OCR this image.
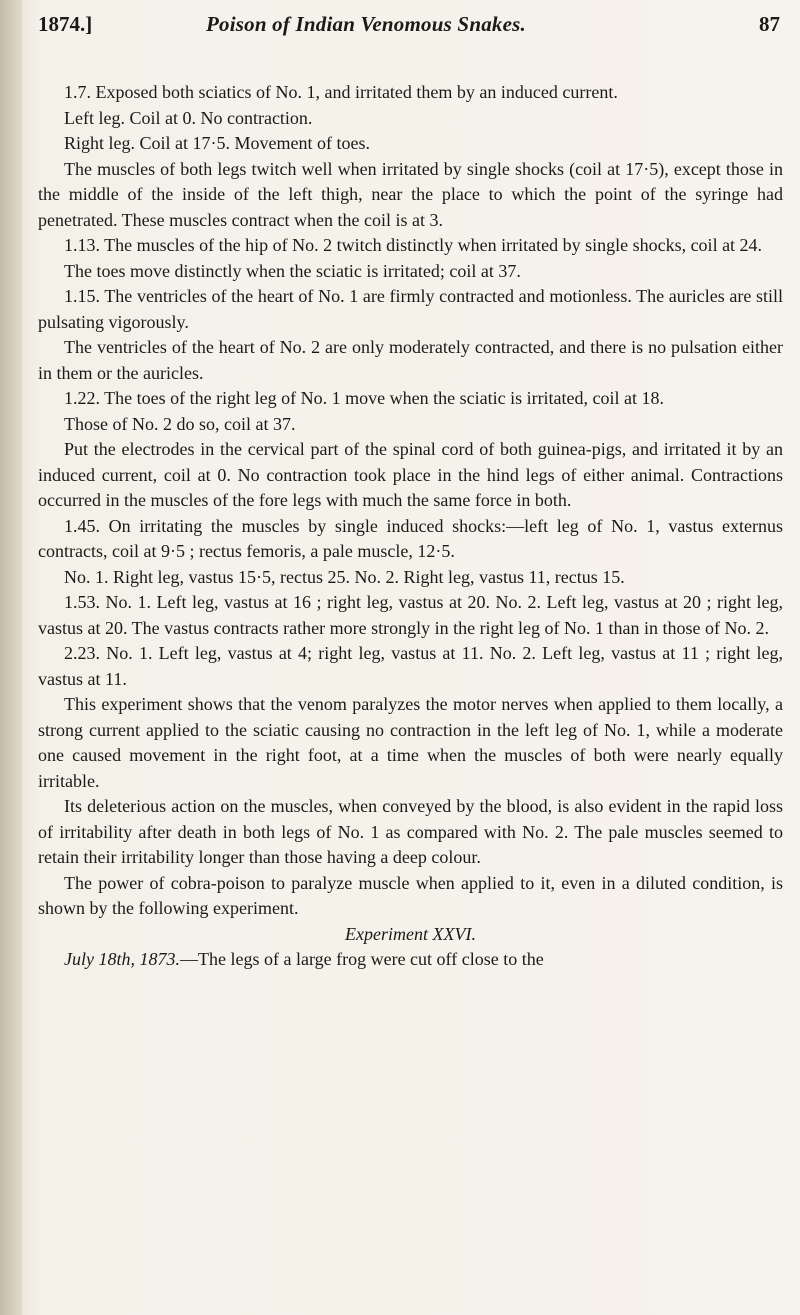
1874.]	Poison of Indian Venomous Snakes.	87

1.7. Exposed both sciatics of No. 1, and irritated them by an induced current.

Left leg. Coil at 0. No contraction.

Right leg. Coil at 17·5. Movement of toes.

The muscles of both legs twitch well when irritated by single shocks (coil at 17·5), except those in the middle of the inside of the left thigh, near the place to which the point of the syringe had penetrated. These muscles contract when the coil is at 3.

1.13. The muscles of the hip of No. 2 twitch distinctly when irritated by single shocks, coil at 24.

The toes move distinctly when the sciatic is irritated; coil at 37.

1.15. The ventricles of the heart of No. 1 are firmly contracted and motionless. The auricles are still pulsating vigorously.

The ventricles of the heart of No. 2 are only moderately contracted, and there is no pulsation either in them or the auricles.

1.22. The toes of the right leg of No. 1 move when the sciatic is irritated, coil at 18.

Those of No. 2 do so, coil at 37.

Put the electrodes in the cervical part of the spinal cord of both guinea-pigs, and irritated it by an induced current, coil at 0. No contraction took place in the hind legs of either animal. Contractions occurred in the muscles of the fore legs with much the same force in both.

1.45. On irritating the muscles by single induced shocks:—left leg of No. 1, vastus externus contracts, coil at 9·5 ; rectus femoris, a pale muscle, 12·5.

No. 1. Right leg, vastus 15·5, rectus 25. No. 2. Right leg, vastus 11, rectus 15.

1.53. No. 1. Left leg, vastus at 16 ; right leg, vastus at 20. No. 2. Left leg, vastus at 20 ; right leg, vastus at 20. The vastus contracts rather more strongly in the right leg of No. 1 than in those of No. 2.

2.23. No. 1. Left leg, vastus at 4; right leg, vastus at 11. No. 2. Left leg, vastus at 11 ; right leg, vastus at 11.

This experiment shows that the venom paralyzes the motor nerves when applied to them locally, a strong current applied to the sciatic causing no contraction in the left leg of No. 1, while a moderate one caused movement in the right foot, at a time when the muscles of both were nearly equally irritable.

Its deleterious action on the muscles, when conveyed by the blood, is also evident in the rapid loss of irritability after death in both legs of No. 1 as compared with No. 2. The pale muscles seemed to retain their irritability longer than those having a deep colour.

The power of cobra-poison to paralyze muscle when applied to it, even in a diluted condition, is shown by the following experiment.

Experiment XXVI.

July 18th, 1873.—The legs of a large frog were cut off close to the
